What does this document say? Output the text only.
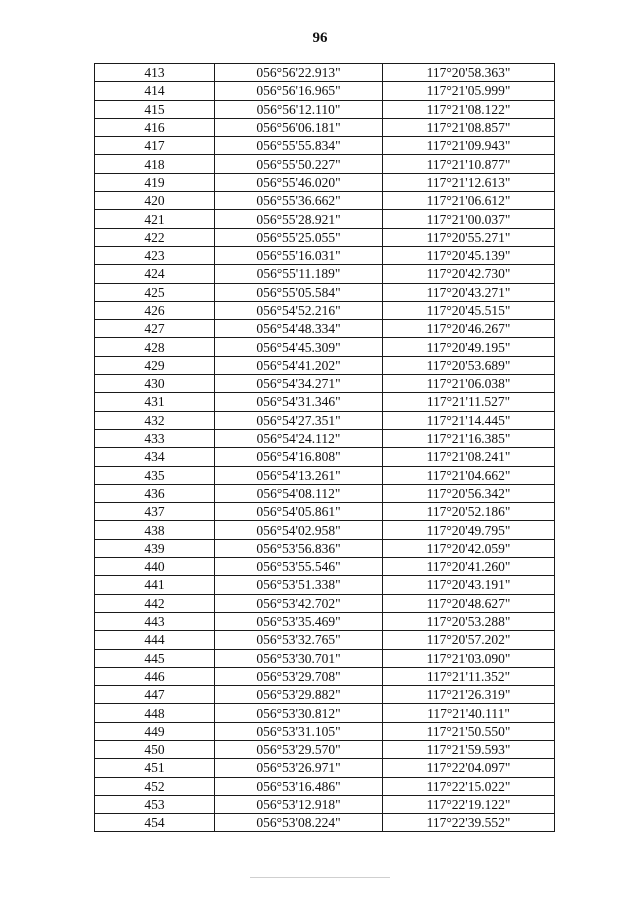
96
413	056°56'22.913"	117°20'58.363"
414	056°56'16.965"	117°21'05.999"
415	056°56'12.110"	117°21'08.122"
416	056°56'06.181"	117°21'08.857"
417	056°55'55.834"	117°21'09.943"
418	056°55'50.227"	117°21'10.877"
419	056°55'46.020"	117°21'12.613"
420	056°55'36.662"	117°21'06.612"
421	056°55'28.921"	117°21'00.037"
422	056°55'25.055"	117°20'55.271"
423	056°55'16.031"	117°20'45.139"
424	056°55'11.189"	117°20'42.730"
425	056°55'05.584"	117°20'43.271"
426	056°54'52.216"	117°20'45.515"
427	056°54'48.334"	117°20'46.267"
428	056°54'45.309"	117°20'49.195"
429	056°54'41.202"	117°20'53.689"
430	056°54'34.271"	117°21'06.038"
431	056°54'31.346"	117°21'11.527"
432	056°54'27.351"	117°21'14.445"
433	056°54'24.112"	117°21'16.385"
434	056°54'16.808"	117°21'08.241"
435	056°54'13.261"	117°21'04.662"
436	056°54'08.112"	117°20'56.342"
437	056°54'05.861"	117°20'52.186"
438	056°54'02.958"	117°20'49.795"
439	056°53'56.836"	117°20'42.059"
440	056°53'55.546"	117°20'41.260"
441	056°53'51.338"	117°20'43.191"
442	056°53'42.702"	117°20'48.627"
443	056°53'35.469"	117°20'53.288"
444	056°53'32.765"	117°20'57.202"
445	056°53'30.701"	117°21'03.090"
446	056°53'29.708"	117°21'11.352"
447	056°53'29.882"	117°21'26.319"
448	056°53'30.812"	117°21'40.111"
449	056°53'31.105"	117°21'50.550"
450	056°53'29.570"	117°21'59.593"
451	056°53'26.971"	117°22'04.097"
452	056°53'16.486"	117°22'15.022"
453	056°53'12.918"	117°22'19.122"
454	056°53'08.224"	117°22'39.552"
